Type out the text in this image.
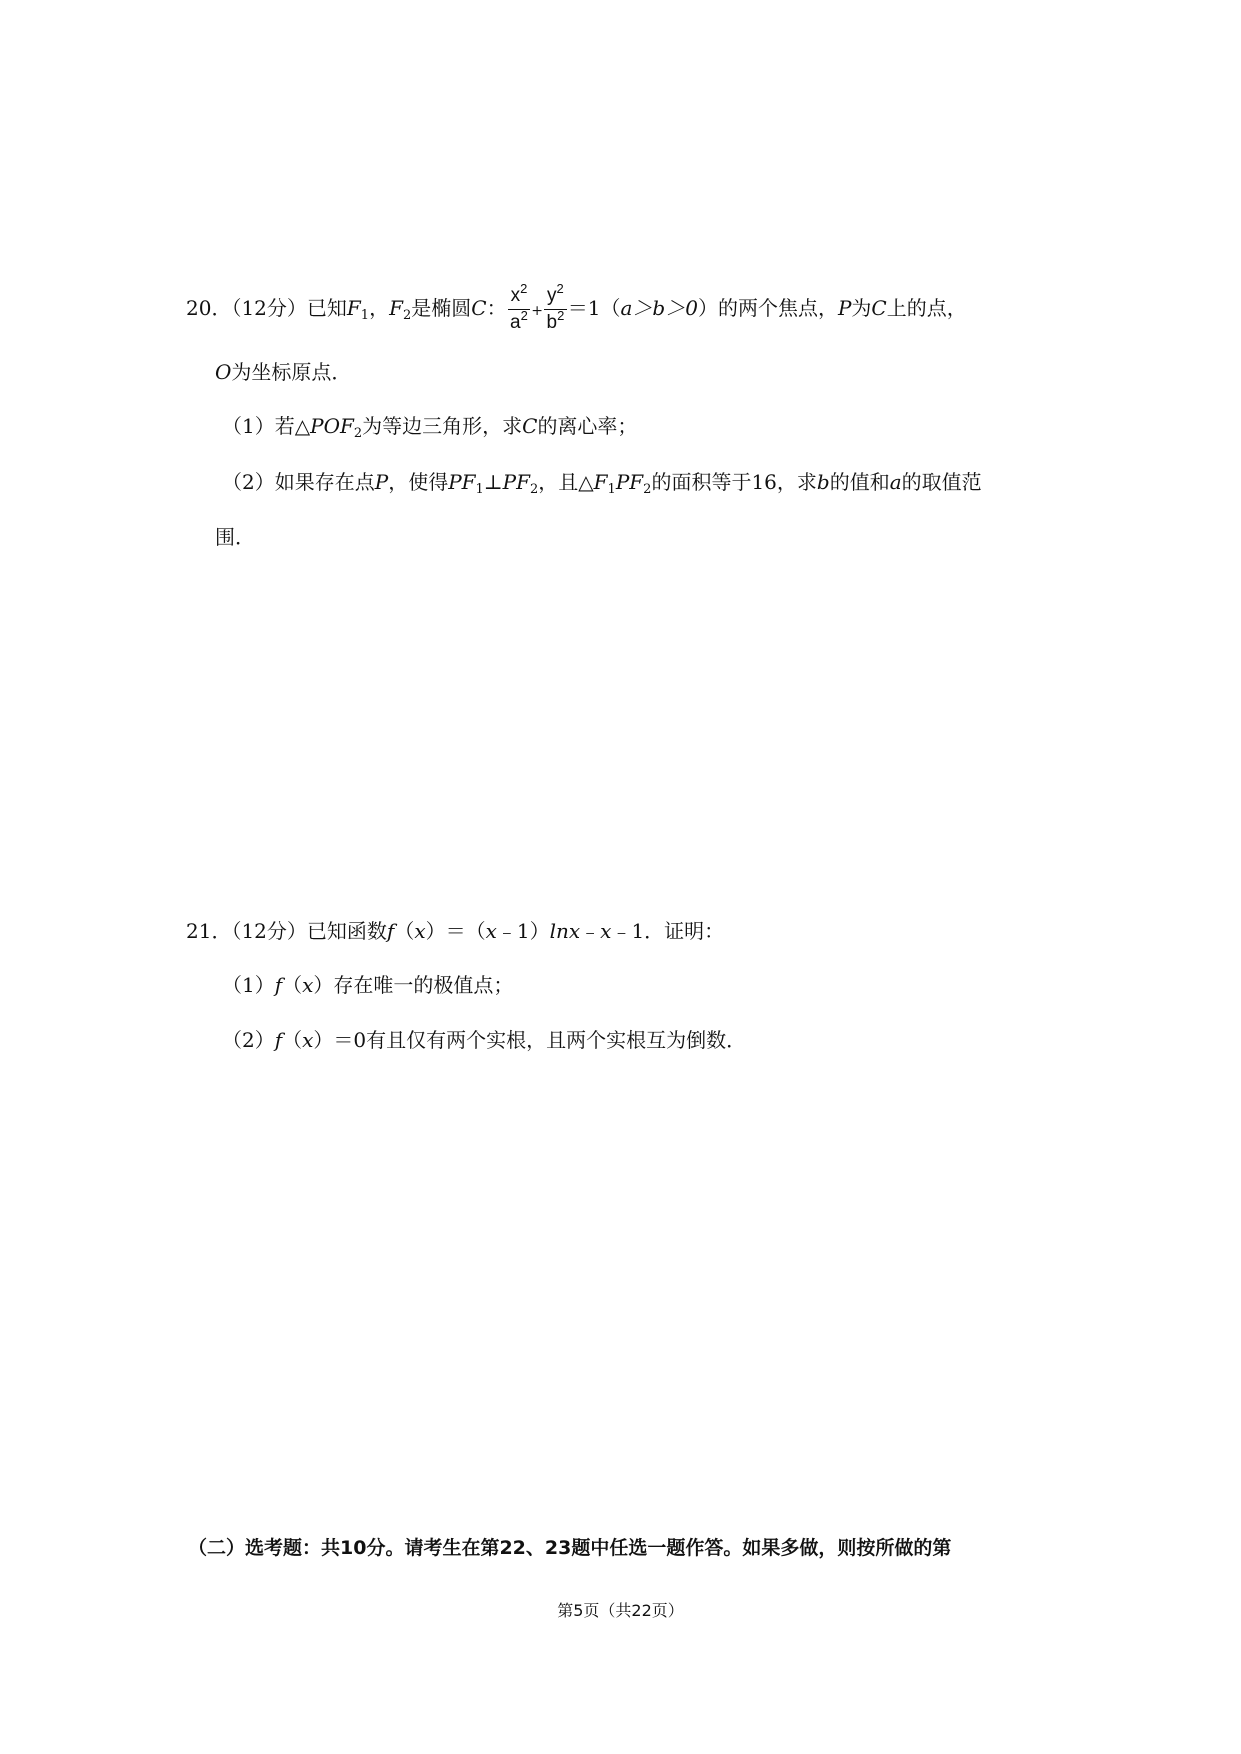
20．（12分）已知$F_1$，$F_2$是椭圆C： $\frac{x^2}{a^2} + \frac{y^2}{b^2} =1(a>b>0)$的两个焦点，P为C上的点，
O为坐标原点．
（1）若$\triangle POF_2$为等边三角形，求C的离心率；
（2）如果存在点P，使得$PF_1\perp PF_2$，且$\triangle F_1PF_2$的面积等于16，求b的值和a的取值范
围．
21．（12分）已知函数f（x）＝（x﹣1）lnx﹣x﹣1．证明：
（1）f（x）存在唯一的极值点；
（2）f（x）＝0有且仅有两个实根，且两个实根互为倒数．
（二）选考题：共10分。请考生在第22、23题中任选一题作答。如果多做，则按所做的第
第5页（共22页）
